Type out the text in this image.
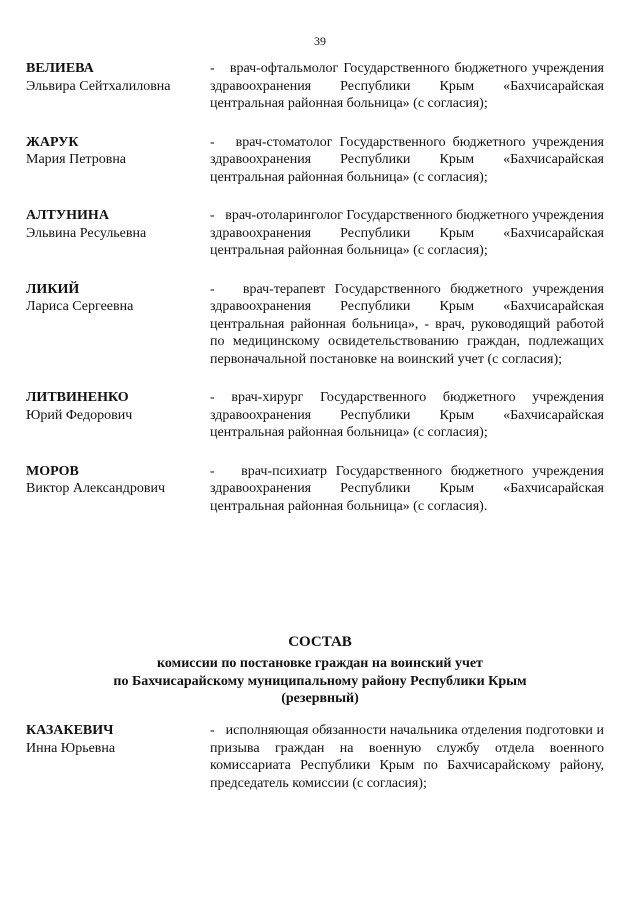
39
ВЕЛИЕВА
Эльвира Сейтхалиловна
-   врач-офтальмолог Государственного бюджетного учреждения здравоохранения Республики Крым «Бахчисарайская центральная районная больница» (с согласия);
ЖАРУК
Мария Петровна
-   врач-стоматолог Государственного бюджетного учреждения здравоохранения Республики Крым «Бахчисарайская центральная районная больница» (с согласия);
АЛТУНИНА
Эльвина Ресульевна
-   врач-отоларинголог Государственного бюджетного учреждения здравоохранения Республики Крым «Бахчисарайская центральная районная больница» (с согласия);
ЛИКИЙ
Лариса Сергеевна
-   врач-терапевт Государственного бюджетного учреждения здравоохранения Республики Крым «Бахчисарайская центральная районная больница», - врач, руководящий работой по медицинскому освидетельствованию граждан, подлежащих первоначальной постановке на воинский учет (с согласия);
ЛИТВИНЕНКО
Юрий Федорович
- врач-хирург Государственного бюджетного учреждения здравоохранения Республики Крым «Бахчисарайская центральная районная больница» (с согласия);
МОРОВ
Виктор Александрович
-   врач-психиатр Государственного бюджетного учреждения здравоохранения Республики Крым «Бахчисарайская центральная районная больница» (с согласия).
СОСТАВ
комиссии по постановке граждан на воинский учет
по Бахчисарайскому муниципальному району Республики Крым
(резервный)
КАЗАКЕВИЧ
Инна Юрьевна
-   исполняющая обязанности начальника отделения подготовки и призыва граждан на военную службу отдела военного комиссариата Республики Крым по Бахчисарайскому району, председатель комиссии (с согласия);
